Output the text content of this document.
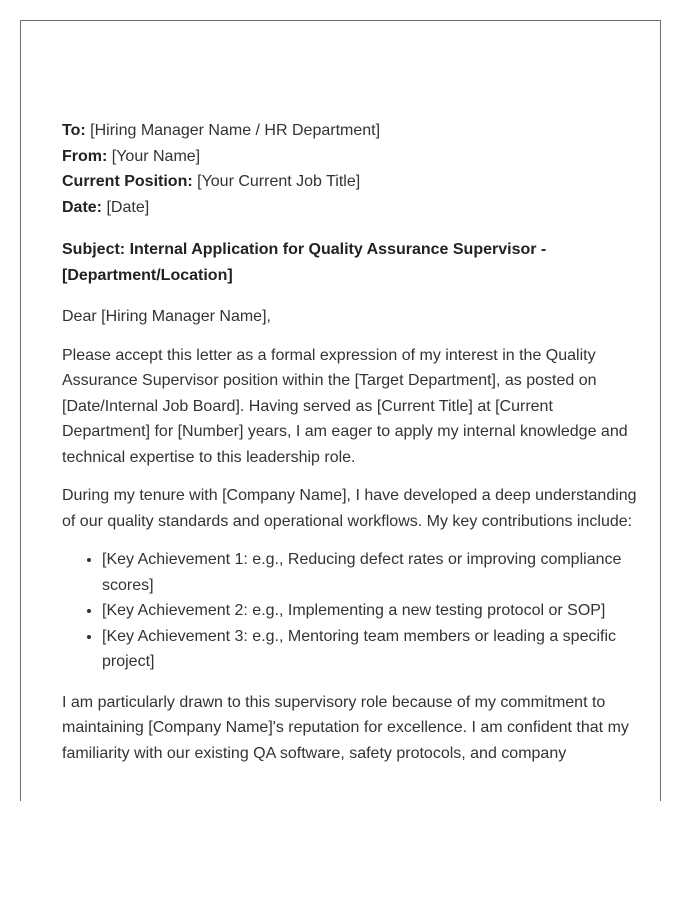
To: [Hiring Manager Name / HR Department]
From: [Your Name]
Current Position: [Your Current Job Title]
Date: [Date]
Subject: Internal Application for Quality Assurance Supervisor - [Department/Location]

Dear [Hiring Manager Name],

Please accept this letter as a formal expression of my interest in the Quality Assurance Supervisor position within the [Target Department], as posted on [Date/Internal Job Board]. Having served as [Current Title] at [Current Department] for [Number] years, I am eager to apply my internal knowledge and technical expertise to this leadership role.

During my tenure with [Company Name], I have developed a deep understanding of our quality standards and operational workflows. My key contributions include:

• [Key Achievement 1: e.g., Reducing defect rates or improving compliance scores]
• [Key Achievement 2: e.g., Implementing a new testing protocol or SOP]
• [Key Achievement 3: e.g., Mentoring team members or leading a specific project]

I am particularly drawn to this supervisory role because of my commitment to maintaining [Company Name]'s reputation for excellence. I am confident that my familiarity with our existing QA software, safety protocols, and company
